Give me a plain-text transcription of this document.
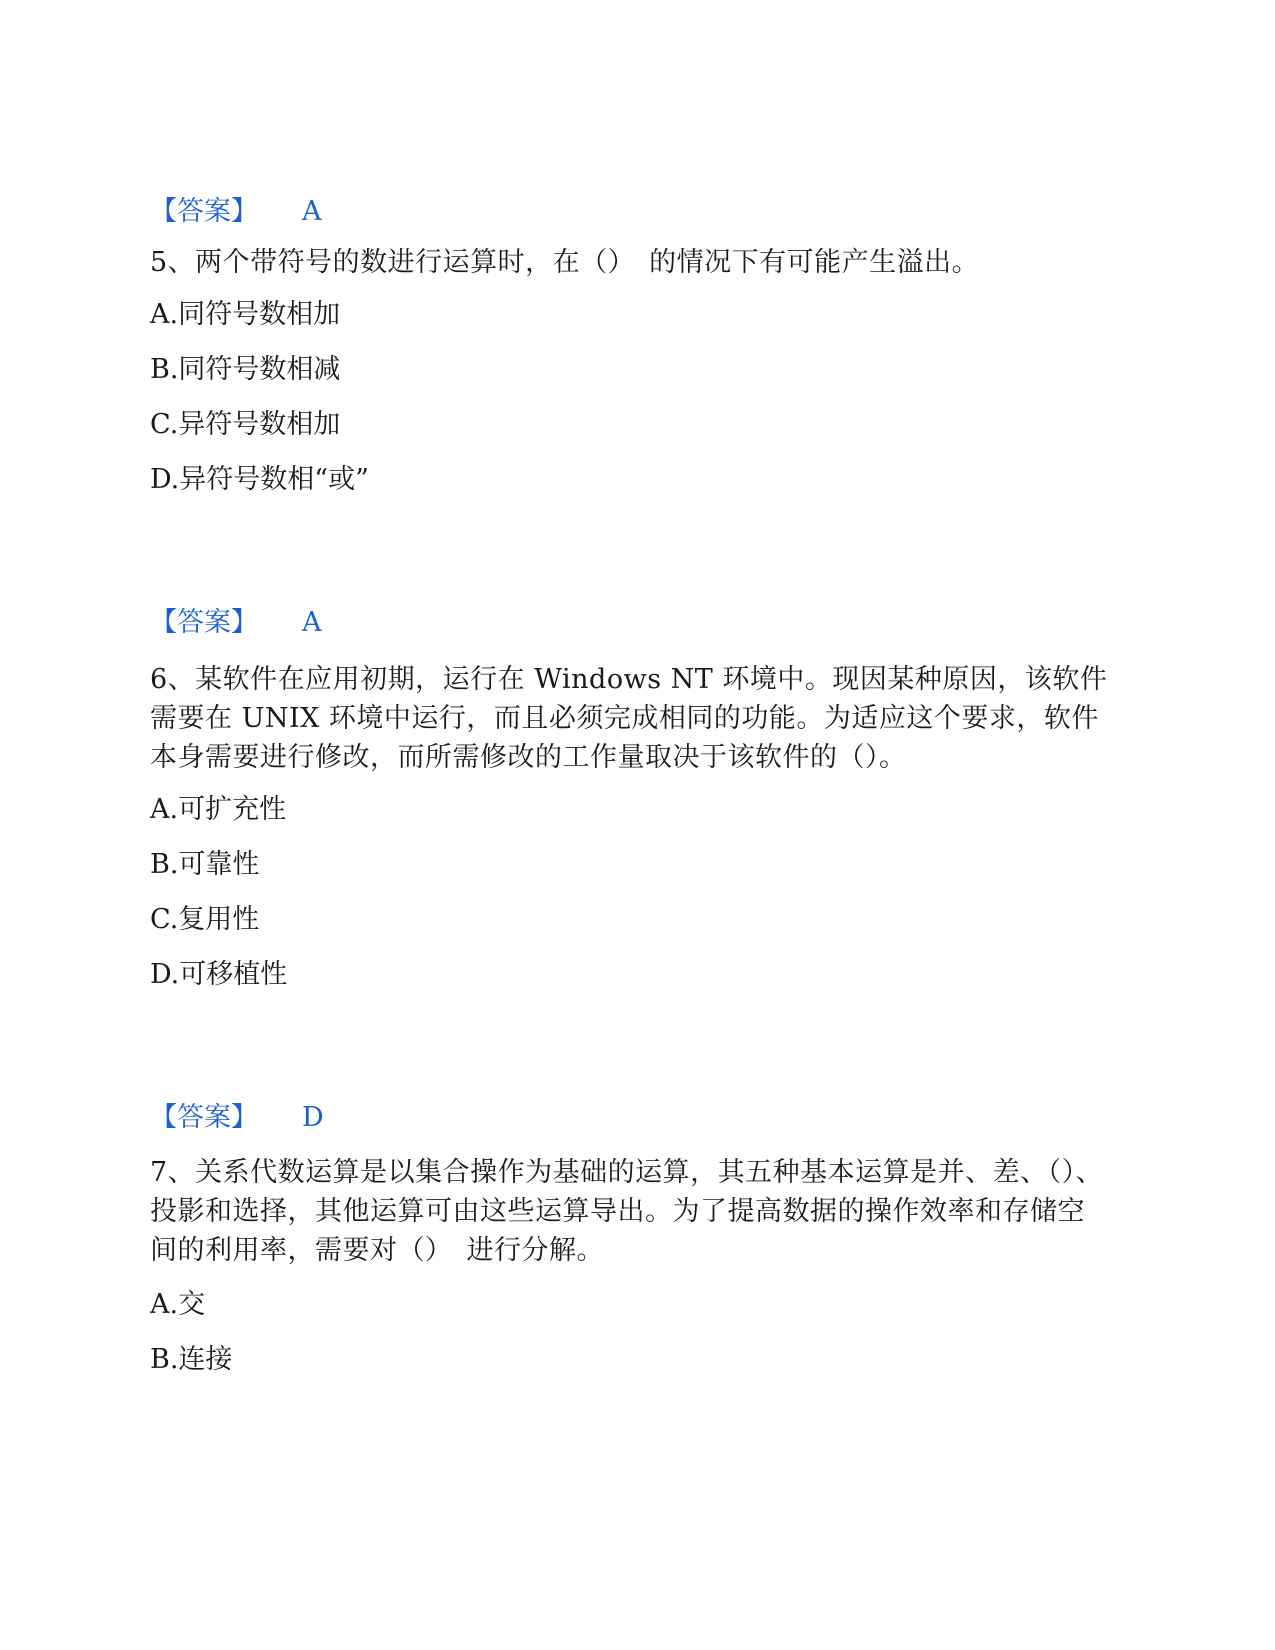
【答案】 A
5、两个带符号的数进行运算时，在（）　的情况下有可能产生溢出。
A.同符号数相加
B.同符号数相减
C.异符号数相加
D.异符号数相“或”
【答案】 A
6、某软件在应用初期，运行在 Windows NT 环境中。现因某种原因，该软件需要在 UNIX 环境中运行，而且必须完成相同的功能。为适应这个要求，软件本身需要进行修改，而所需修改的工作量取决于该软件的（）。
A.可扩充性
B.可靠性
C.复用性
D.可移植性
【答案】 D
7、关系代数运算是以集合操作为基础的运算，其五种基本运算是并、差、（）、投影和选择，其他运算可由这些运算导出。为了提高数据的操作效率和存储空间的利用率，需要对（）　进行分解。
A.交
B.连接
